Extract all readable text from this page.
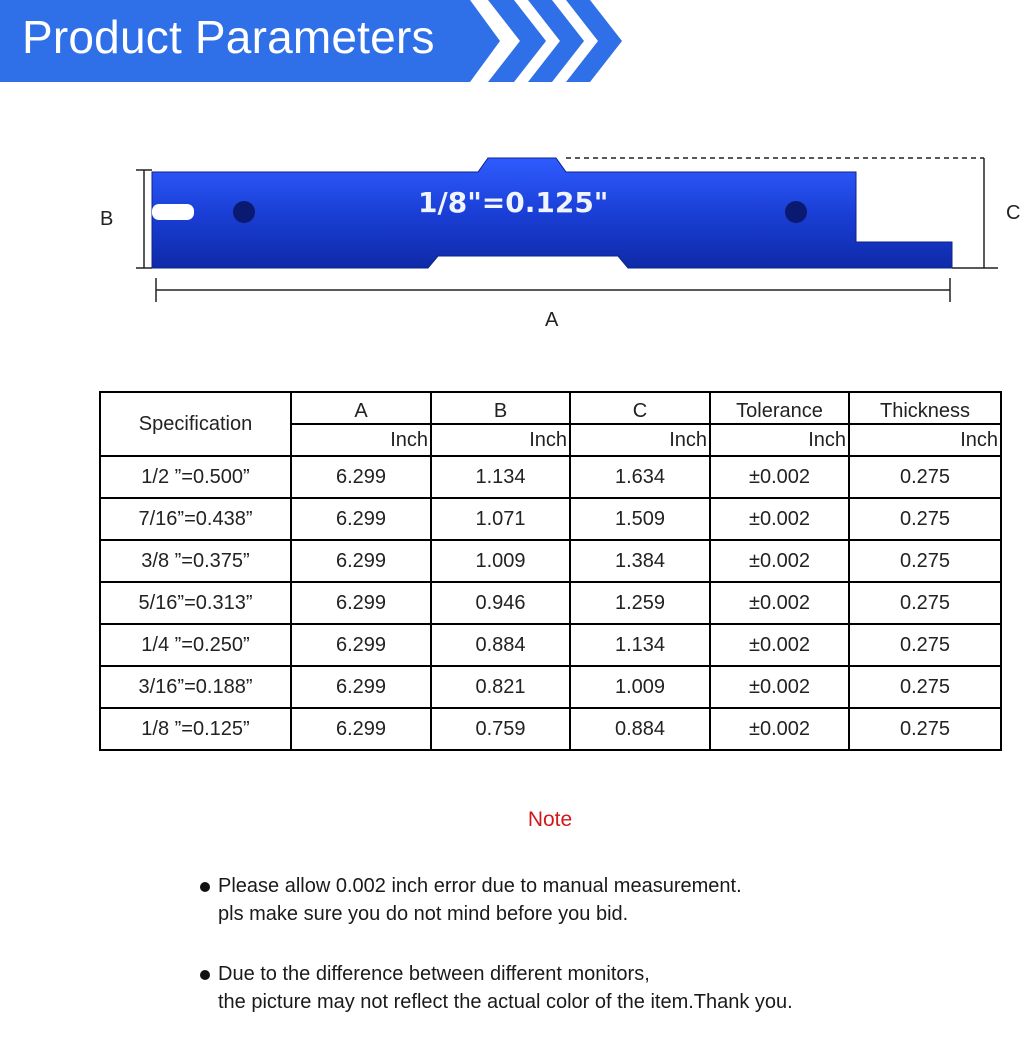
Product Parameters
1/8"=0.125"
B	C
A
Specification	A	B	C	Tolerance	Thickness
	Inch	Inch	Inch	Inch	Inch
1/2 ”=0.500”	6.299	1.134	1.634	±0.002	0.275
7/16”=0.438”	6.299	1.071	1.509	±0.002	0.275
3/8 ”=0.375”	6.299	1.009	1.384	±0.002	0.275
5/16”=0.313”	6.299	0.946	1.259	±0.002	0.275
1/4 ”=0.250”	6.299	0.884	1.134	±0.002	0.275
3/16”=0.188”	6.299	0.821	1.009	±0.002	0.275
1/8 ”=0.125”	6.299	0.759	0.884	±0.002	0.275
Note
Please allow 0.002 inch error due to manual measurement.
pls make sure you do not mind before you bid.
Due to the difference between different monitors,
the picture may not reflect the actual color of the item.Thank you.
